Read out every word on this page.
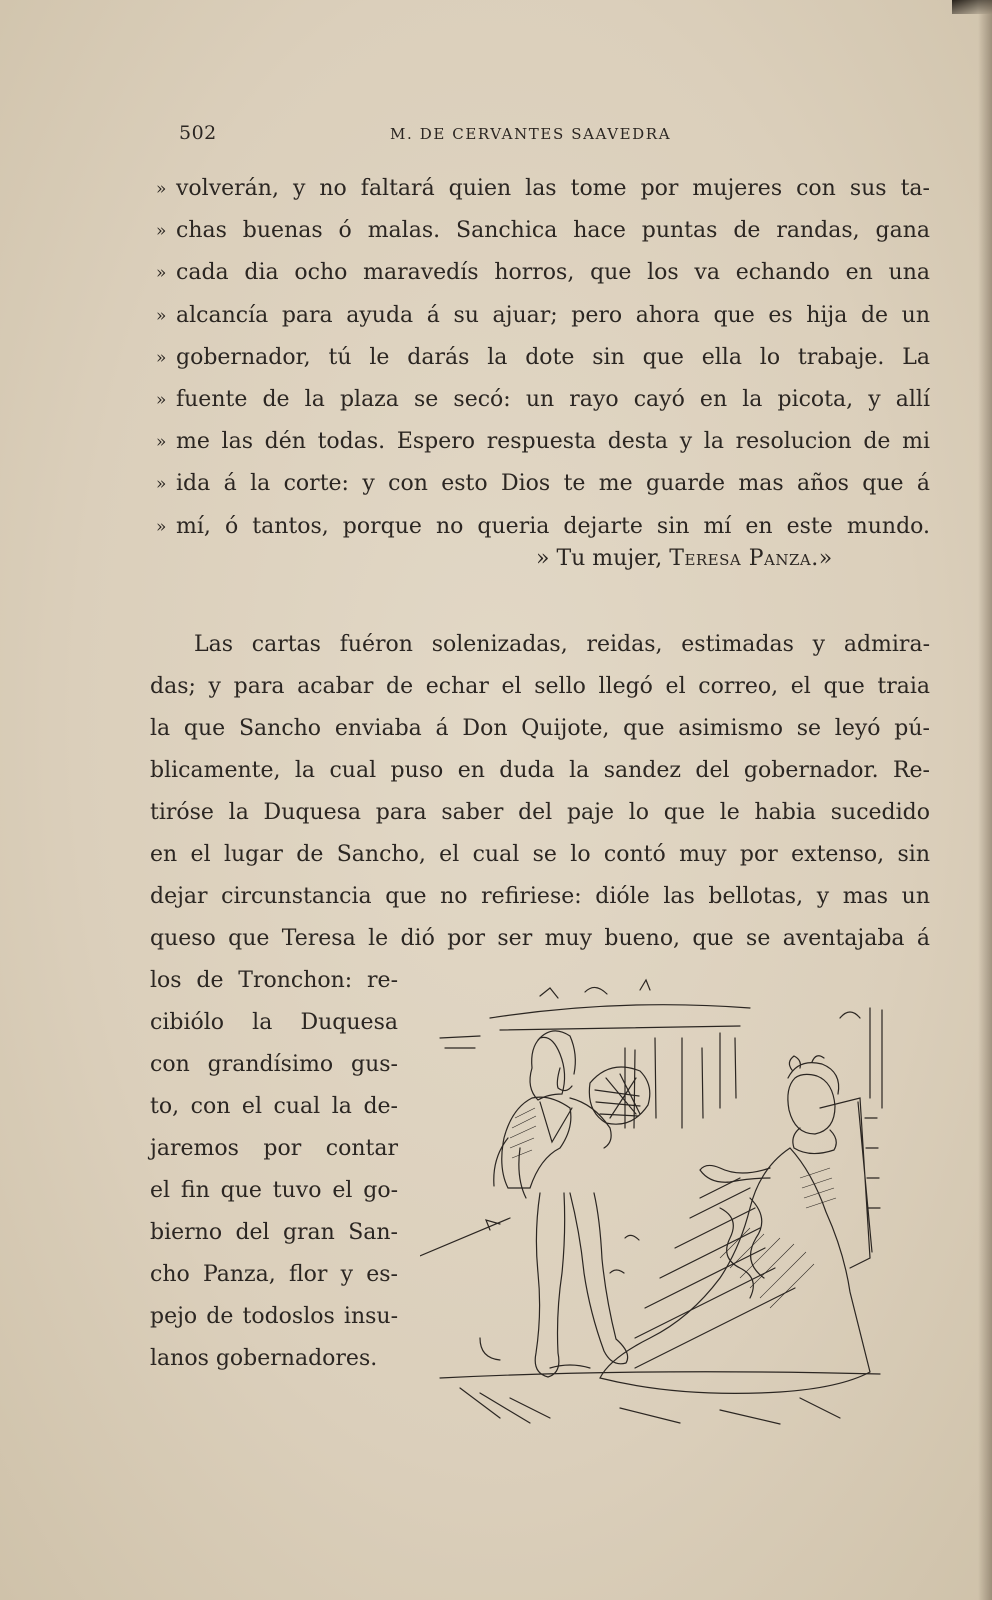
502	M. DE CERVANTES SAAVEDRA
» volverán, y no faltará quien las tome por mujeres con sus ta-
» chas buenas ó malas. Sanchica hace puntas de randas, gana
» cada dia ocho maravedís horros, que los va echando en una
» alcancía para ayuda á su ajuar; pero ahora que es hija de un
» gobernador, tú le darás la dote sin que ella lo trabaje. La
» fuente de la plaza se secó: un rayo cayó en la picota, y allí
» me las dén todas. Espero respuesta desta y la resolucion de mi
» ida á la corte: y con esto Dios te me guarde mas años que á
» mí, ó tantos, porque no queria dejarte sin mí en este mundo.
» Tu mujer, Teresa Panza.»
Las cartas fuéron solenizadas, reidas, estimadas y admira-
das; y para acabar de echar el sello llegó el correo, el que traia
la que Sancho enviaba á Don Quijote, que asimismo se leyó pú-
blicamente, la cual puso en duda la sandez del gobernador. Re-
tiróse la Duquesa para saber del paje lo que le habia sucedido
en el lugar de Sancho, el cual se lo contó muy por extenso, sin
dejar circunstancia que no refiriese: dióle las bellotas, y mas un
queso que Teresa le dió por ser muy bueno, que se aventajaba á
los de Tronchon: re-
cibiólo la Duquesa
con grandísimo gus-
to, con el cual la de-
jaremos por contar
el fin que tuvo el go-
bierno del gran San-
cho Panza, flor y es-
pejo de todoslos insu-
lanos gobernadores.
